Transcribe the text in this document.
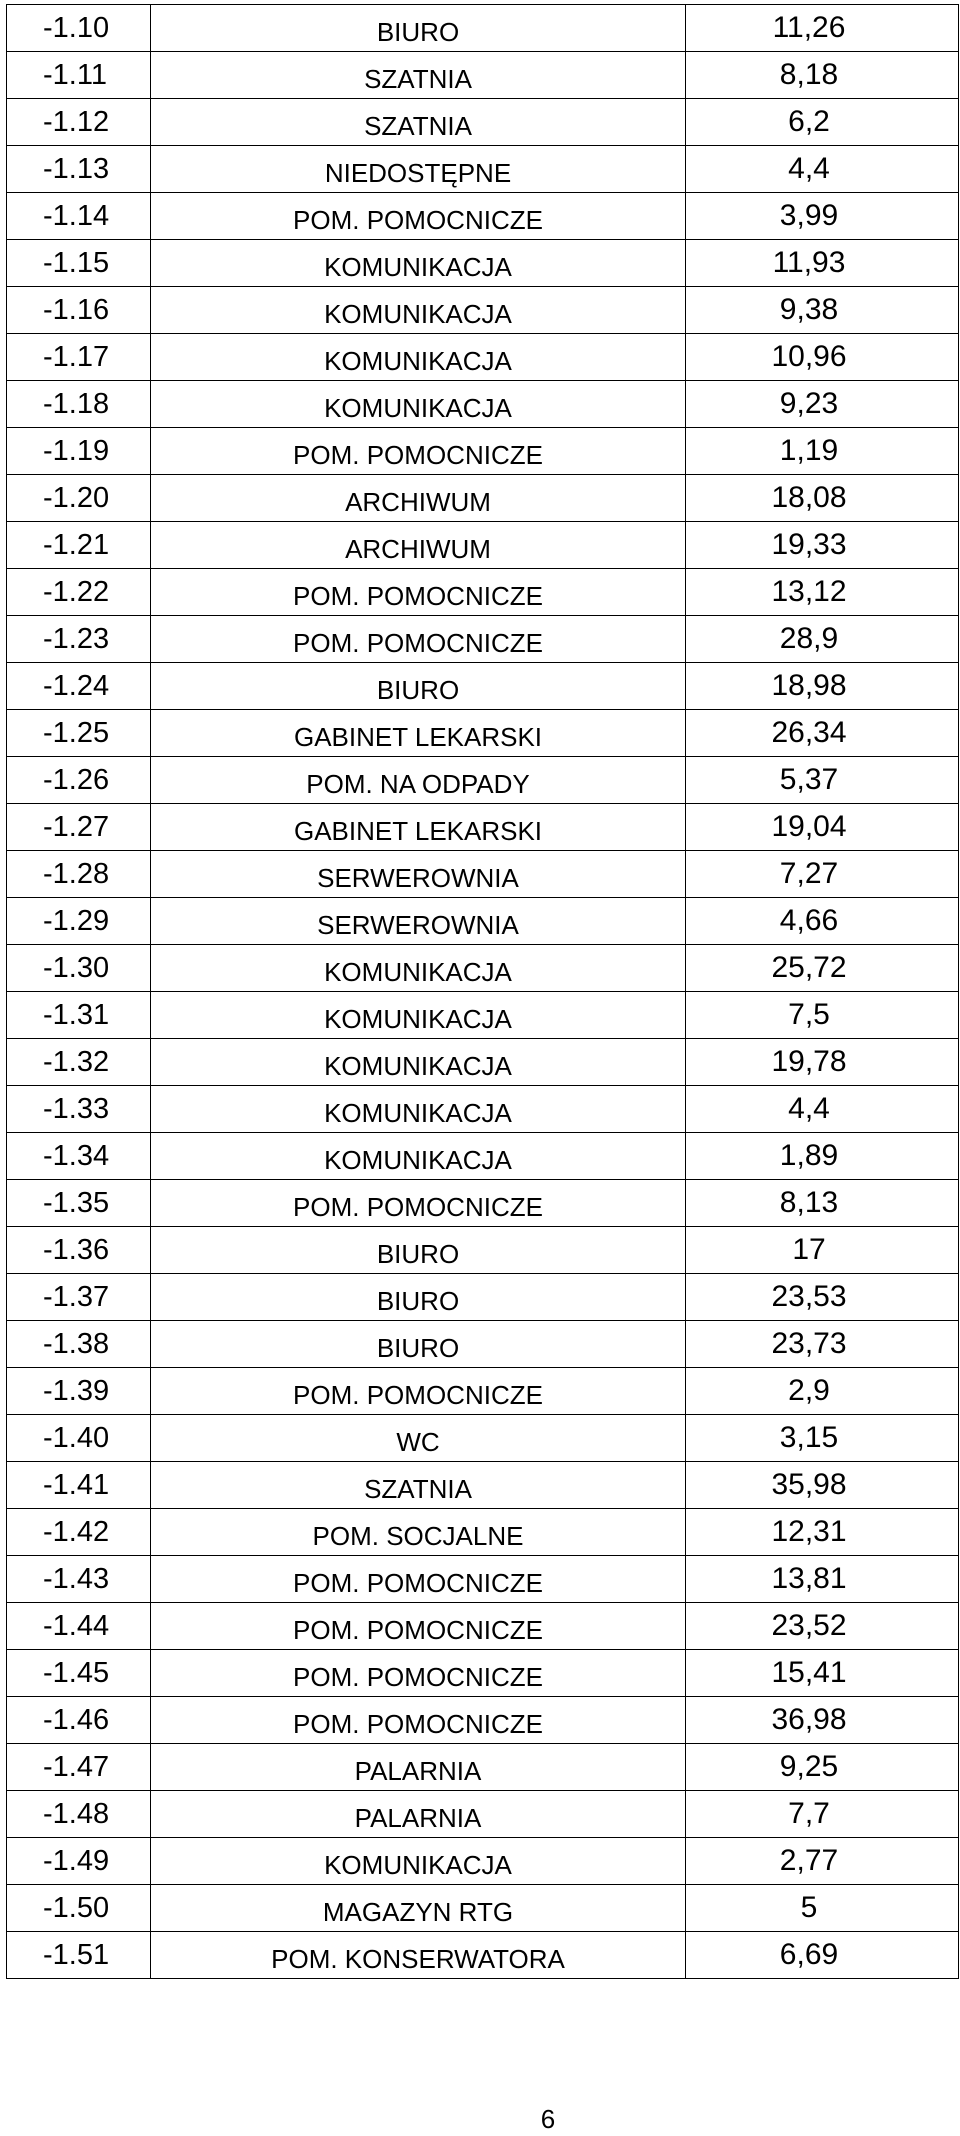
-1.10	BIURO	11,26
-1.11	SZATNIA	8,18
-1.12	SZATNIA	6,2
-1.13	NIEDOSTĘPNE	4,4
-1.14	POM. POMOCNICZE	3,99
-1.15	KOMUNIKACJA	11,93
-1.16	KOMUNIKACJA	9,38
-1.17	KOMUNIKACJA	10,96
-1.18	KOMUNIKACJA	9,23
-1.19	POM. POMOCNICZE	1,19
-1.20	ARCHIWUM	18,08
-1.21	ARCHIWUM	19,33
-1.22	POM. POMOCNICZE	13,12
-1.23	POM. POMOCNICZE	28,9
-1.24	BIURO	18,98
-1.25	GABINET LEKARSKI	26,34
-1.26	POM. NA ODPADY	5,37
-1.27	GABINET LEKARSKI	19,04
-1.28	SERWEROWNIA	7,27
-1.29	SERWEROWNIA	4,66
-1.30	KOMUNIKACJA	25,72
-1.31	KOMUNIKACJA	7,5
-1.32	KOMUNIKACJA	19,78
-1.33	KOMUNIKACJA	4,4
-1.34	KOMUNIKACJA	1,89
-1.35	POM. POMOCNICZE	8,13
-1.36	BIURO	17
-1.37	BIURO	23,53
-1.38	BIURO	23,73
-1.39	POM. POMOCNICZE	2,9
-1.40	WC	3,15
-1.41	SZATNIA	35,98
-1.42	POM. SOCJALNE	12,31
-1.43	POM. POMOCNICZE	13,81
-1.44	POM. POMOCNICZE	23,52
-1.45	POM. POMOCNICZE	15,41
-1.46	POM. POMOCNICZE	36,98
-1.47	PALARNIA	9,25
-1.48	PALARNIA	7,7
-1.49	KOMUNIKACJA	2,77
-1.50	MAGAZYN RTG	5
-1.51	POM. KONSERWATORA	6,69
6
